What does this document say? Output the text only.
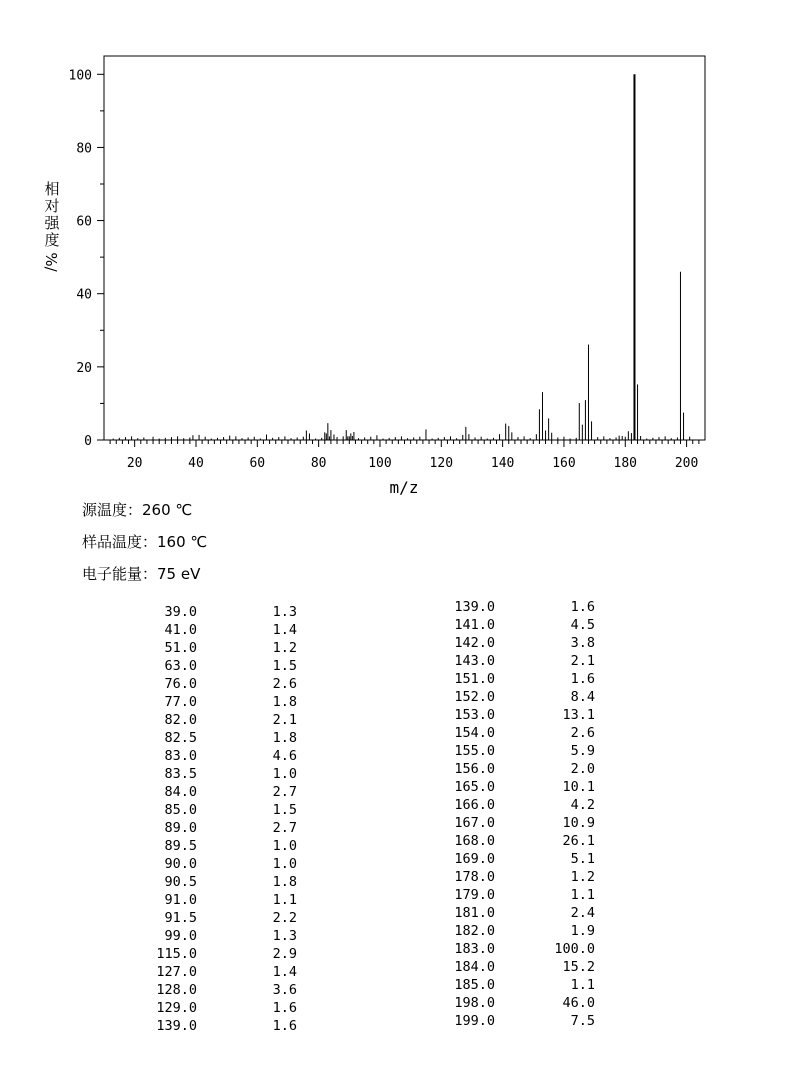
20	40	60	80	100	120	140	160	180	200
0
20
40
60
80
100
m/z
相
对
强
度
%/
源温度：260 ℃
样品温度：160 ℃
电子能量：75 eV
39.0	1.3
41.0	1.4
51.0	1.2
63.0	1.5
76.0	2.6
77.0	1.8
82.0	2.1
82.5	1.8
83.0	4.6
83.5	1.0
84.0	2.7
85.0	1.5
89.0	2.7
89.5	1.0
90.0	1.0
90.5	1.8
91.0	1.1
91.5	2.2
99.0	1.3
115.0	2.9
127.0	1.4
128.0	3.6
129.0	1.6
139.0	1.6
139.0	1.6
141.0	4.5
142.0	3.8
143.0	2.1
151.0	1.6
152.0	8.4
153.0	13.1
154.0	2.6
155.0	5.9
156.0	2.0
165.0	10.1
166.0	4.2
167.0	10.9
168.0	26.1
169.0	5.1
178.0	1.2
179.0	1.1
181.0	2.4
182.0	1.9
183.0	100.0
184.0	15.2
185.0	1.1
198.0	46.0
199.0	7.5
